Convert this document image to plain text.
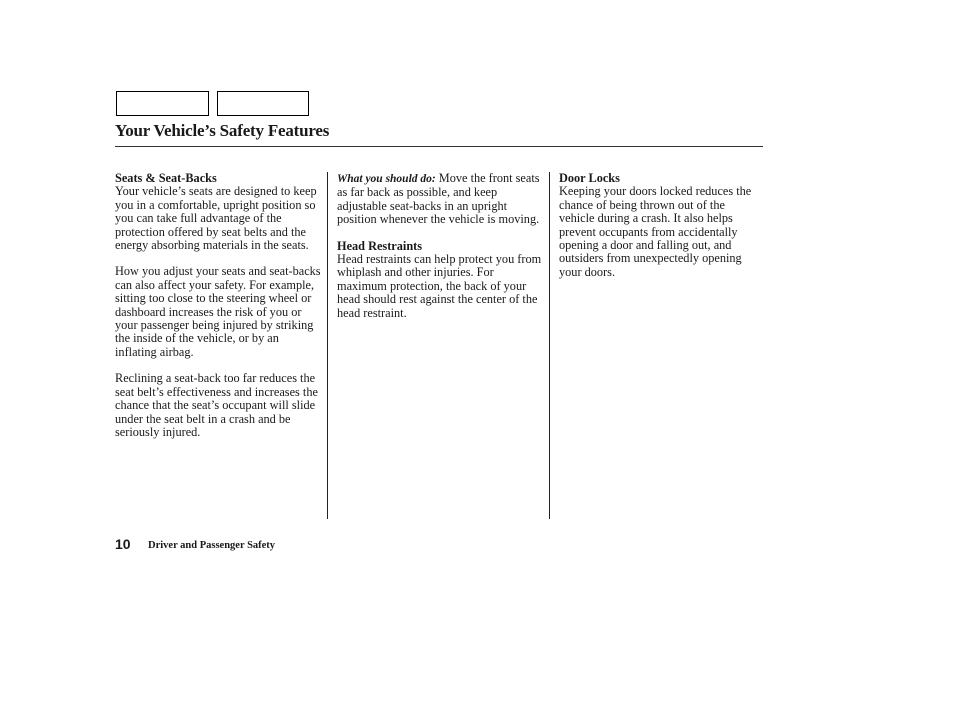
Your Vehicle’s Safety Features
Seats & Seat-Backs

Your vehicle’s seats are designed to keep you in a comfortable, upright position so you can take full advantage of the protection offered by seat belts and the energy absorbing materials in the seats.

How you adjust your seats and seat-backs can also affect your safety. For example, sitting too close to the steering wheel or dashboard increases the risk of you or your passenger being injured by striking the inside of the vehicle, or by an inflating airbag.

Reclining a seat-back too far reduces the seat belt’s effectiveness and increases the chance that the seat’s occupant will slide under the seat belt in a crash and be seriously injured.

What you should do: Move the front seats as far back as possible, and keep adjustable seat-backs in an upright position whenever the vehicle is moving.

Head Restraints

Head restraints can help protect you from whiplash and other injuries. For maximum protection, the back of your head should rest against the center of the head restraint.

Door Locks

Keeping your doors locked reduces the chance of being thrown out of the vehicle during a crash. It also helps prevent occupants from accidentally opening a door and falling out, and outsiders from unexpectedly opening your doors.

10 Driver and Passenger Safety
